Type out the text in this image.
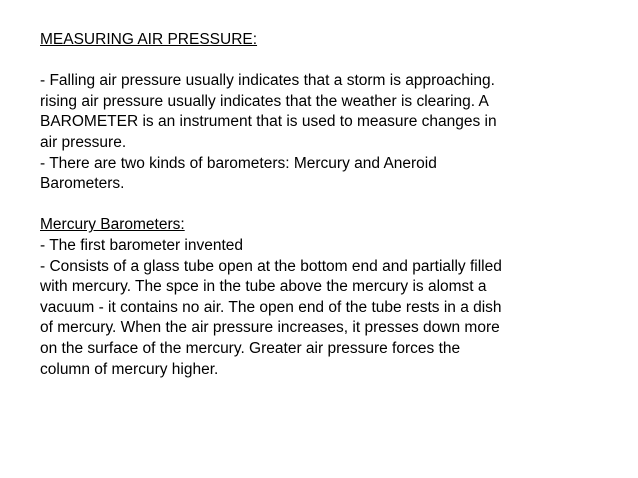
MEASURING AIR PRESSURE:
- Falling air pressure usually indicates that a storm is approaching.
rising air pressure usually indicates that the weather is clearing. A
BAROMETER is an instrument that is used to measure changes in
air pressure.
- There are two kinds of barometers: Mercury and Aneroid
Barometers.
Mercury Barometers:
- The first barometer invented
- Consists of a glass tube open at the bottom end and partially filled
with mercury. The spce in the tube above the mercury is alomst a
vacuum - it contains no air. The open end of the tube rests in a dish
of mercury. When the air pressure increases, it presses down more
on the surface of the mercury. Greater air pressure forces the
column of mercury higher.
